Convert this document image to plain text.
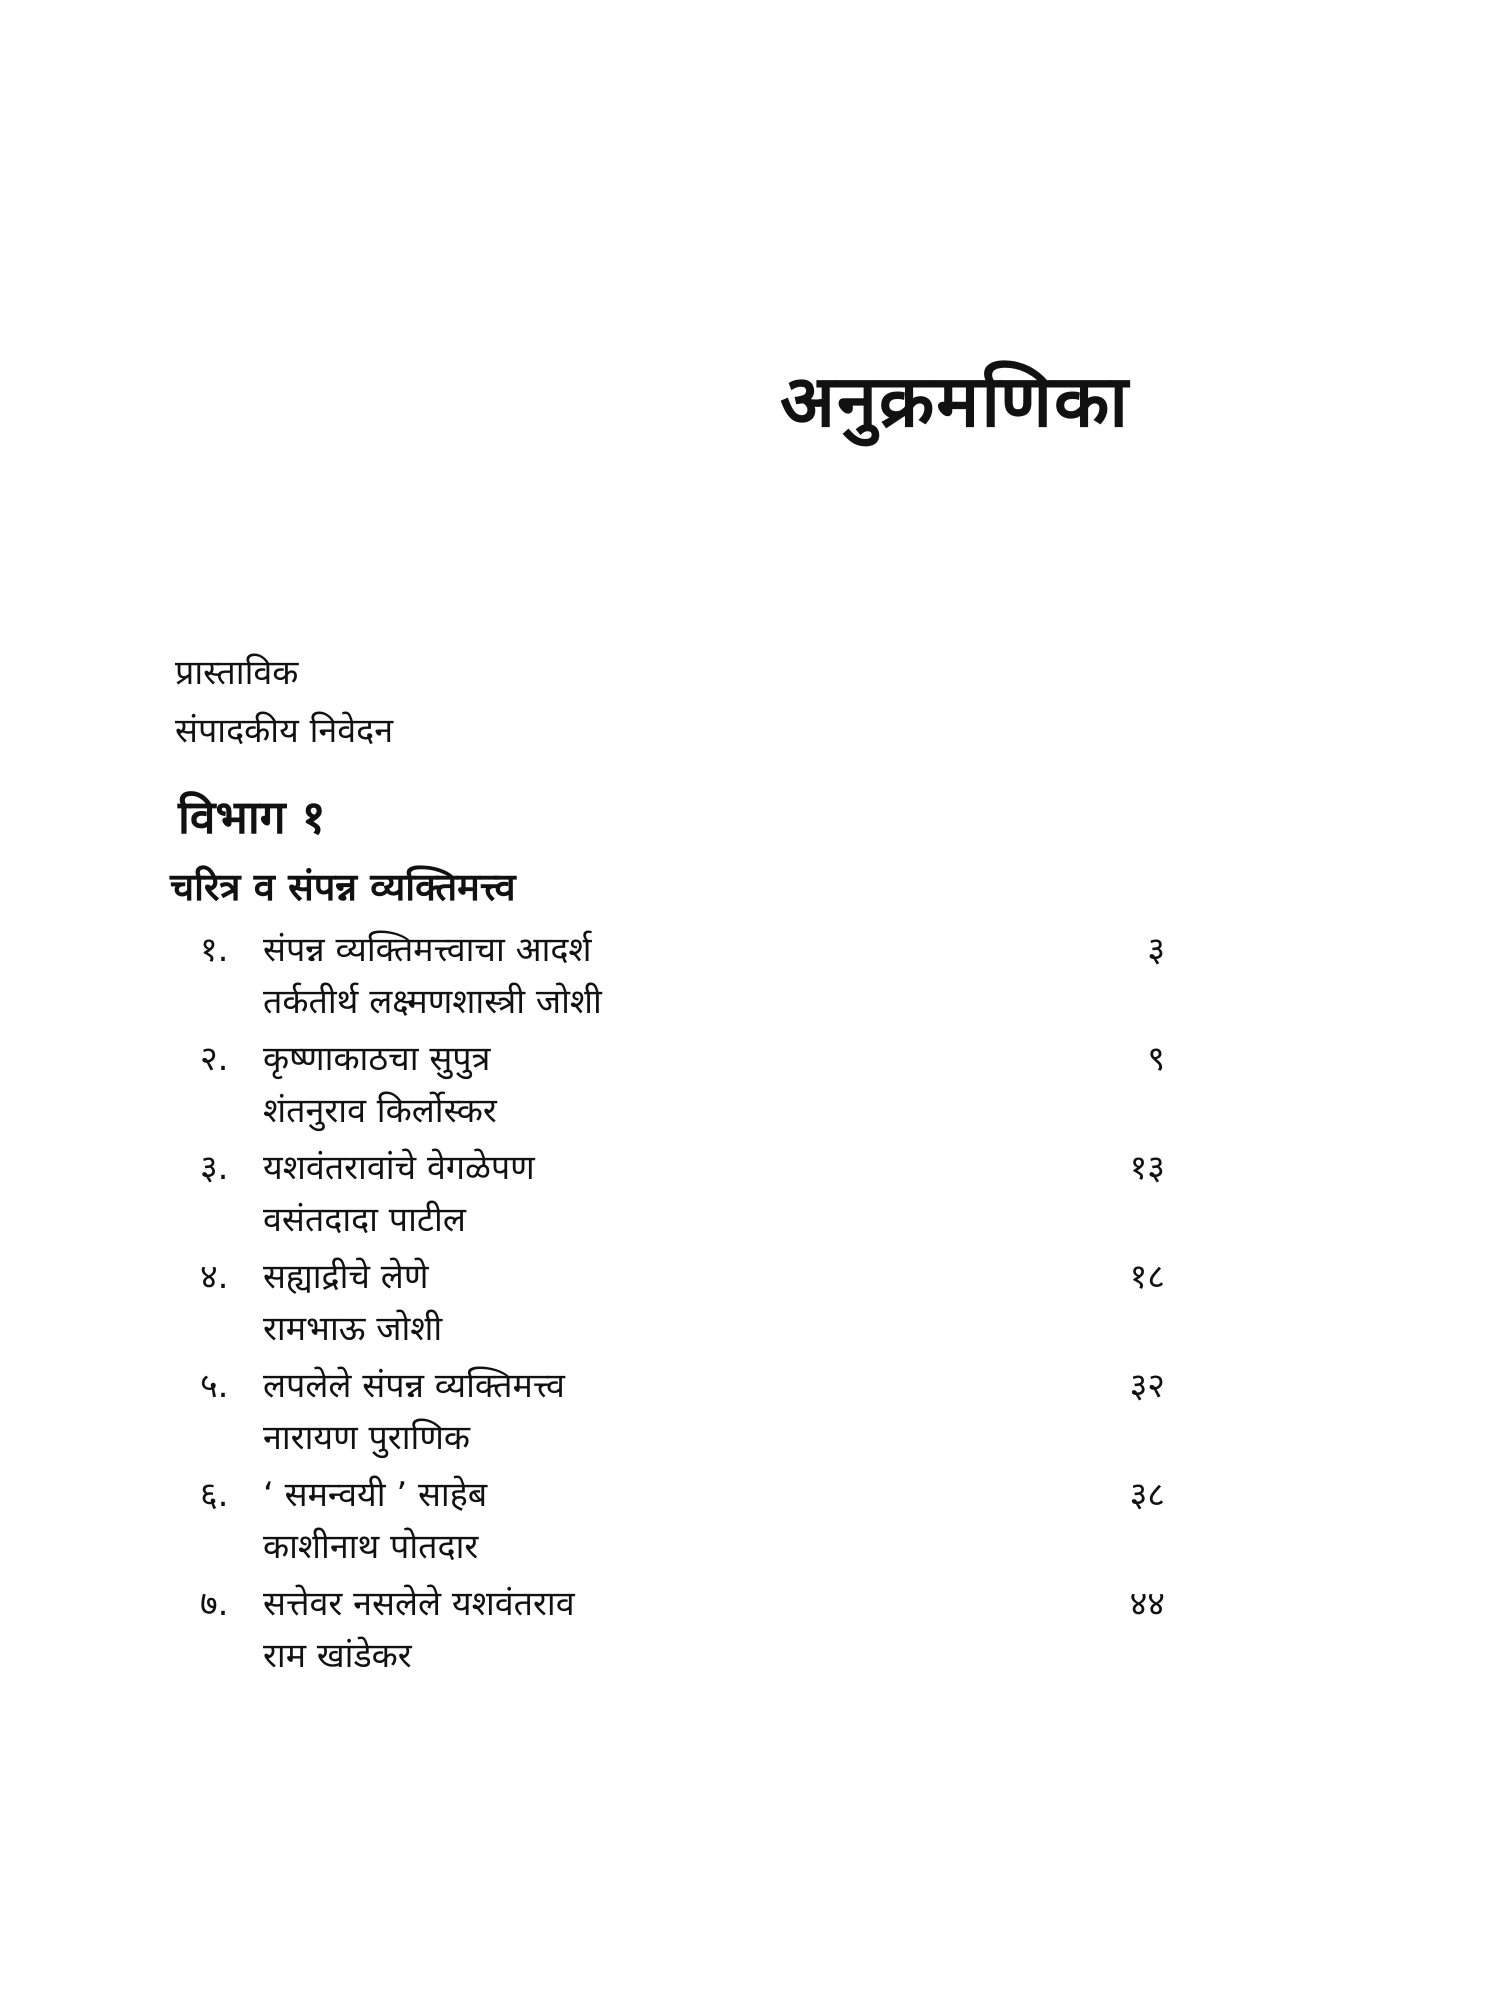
अनुक्रमणिका
प्रास्ताविक
संपादकीय निवेदन
विभाग १
चरित्र व संपन्न व्यक्तिमत्त्व
१. संपन्न व्यक्तिमत्त्वाचा आदर्श	३
तर्कतीर्थ लक्ष्मणशास्त्री जोशी
२. कृष्णाकाठचा सुपुत्र	९
शंतनुराव किर्लोस्कर
३. यशवंतरावांचे वेगळेपण	१३
वसंतदादा पाटील
४. सह्याद्रीचे लेणे	१८
रामभाऊ जोशी
५. लपलेले संपन्न व्यक्तिमत्त्व	३२
नारायण पुराणिक
६. ‘ समन्वयी ’ साहेब	३८
काशीनाथ पोतदार
७. सत्तेवर नसलेले यशवंतराव	४४
राम खांडेकर
